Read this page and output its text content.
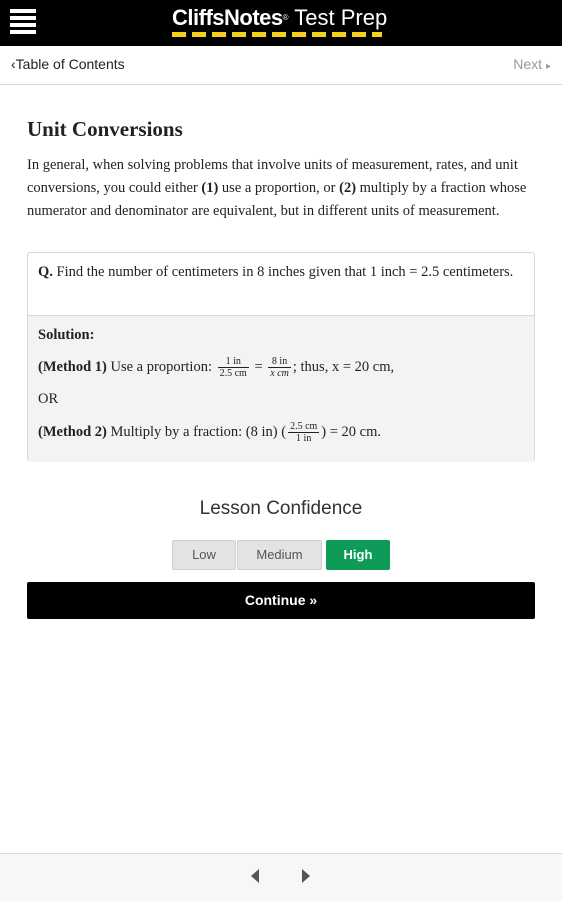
CliffsNotes® Test Prep
‹Table of Contents	Next ▸
Unit Conversions

In general, when solving problems that involve units of measurement, rates, and unit conversions, you could either (1) use a proportion, or (2) multiply by a fraction whose numerator and denominator are equivalent, but in different units of measurement.

Q. Find the number of centimeters in 8 inches given that 1 inch = 2.5 centimeters.
Solution:
(Method 1) Use a proportion: $\frac{1 in}{2.5 cm} = \frac{8 in}{\text{x cm}}$ ; thus, x = 20 cm,
OR
(Method 2) Multiply by a fraction: (8 in) ( $\frac{2.5 cm}{1 in}$ ) = 20 cm.
Lesson Confidence
Low	Medium	High
Continue »
